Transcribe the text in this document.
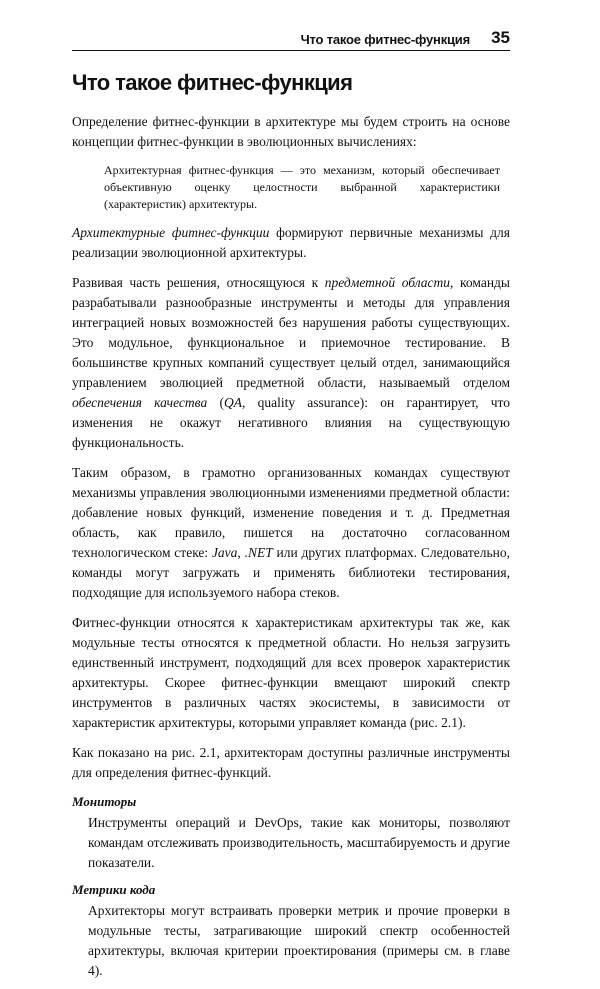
Что такое фитнес-функция 35
Что такое фитнес-функция

Определение фитнес-функции в архитектуре мы будем строить на основе концепции фитнес-функции в эволюционных вычислениях:

Архитектурная фитнес-функция — это механизм, который обеспечивает объективную оценку целостности выбранной характеристики (характеристик) архитектуры.

Архитектурные фитнес-функции формируют первичные механизмы для реализации эволюционной архитектуры.

Развивая часть решения, относящуюся к предметной области, команды разрабатывали разнообразные инструменты и методы для управления интеграцией новых возможностей без нарушения работы существующих. Это модульное, функциональное и приемочное тестирование. В большинстве крупных компаний существует целый отдел, занимающийся управлением эволюцией предметной области, называемый отделом обеспечения качества (QA, quality assurance): он гарантирует, что изменения не окажут негативного влияния на существующую функциональность.

Таким образом, в грамотно организованных командах существуют механизмы управления эволюционными изменениями предметной области: добавление новых функций, изменение поведения и т. д. Предметная область, как правило, пишется на достаточно согласованном технологическом стеке: Java, .NET или других платформах. Следовательно, команды могут загружать и применять библиотеки тестирования, подходящие для используемого набора стеков.

Фитнес-функции относятся к характеристикам архитектуры так же, как модульные тесты относятся к предметной области. Но нельзя загрузить единственный инструмент, подходящий для всех проверок характеристик архитектуры. Скорее фитнес-функции вмещают широкий спектр инструментов в различных частях экосистемы, в зависимости от характеристик архитектуры, которыми управляет команда (рис. 2.1).

Как показано на рис. 2.1, архитекторам доступны различные инструменты для определения фитнес-функций.

Мониторы
Инструменты операций и DevOps, такие как мониторы, позволяют командам отслеживать производительность, масштабируемость и другие показатели.
Метрики кода
Архитекторы могут встраивать проверки метрик и прочие проверки в модульные тесты, затрагивающие широкий спектр особенностей архитектуры, включая критерии проектирования (примеры см. в главе 4).
